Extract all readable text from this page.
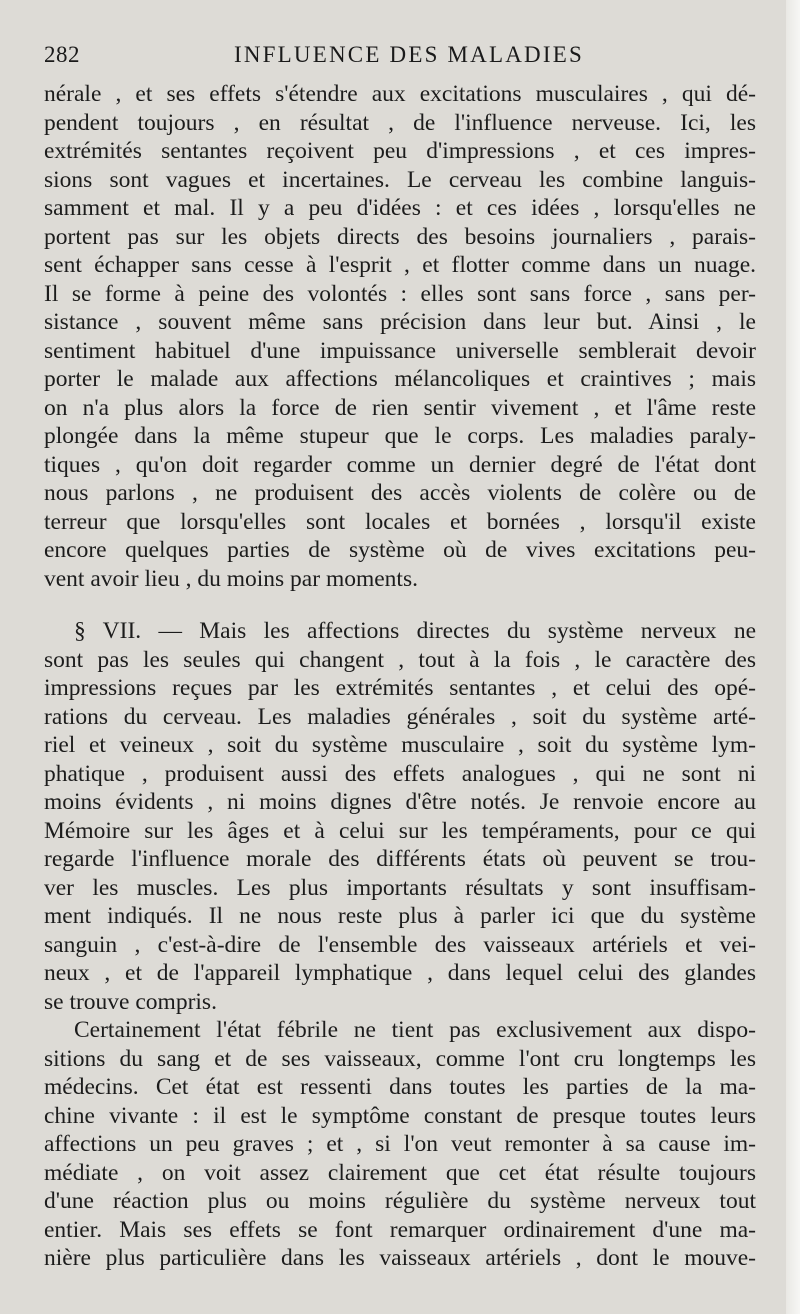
282	INFLUENCE DES MALADIES
nérale , et ses effets s'étendre aux excitations musculaires , qui dé-
pendent toujours , en résultat , de l'influence nerveuse. Ici, les
extrémités sentantes reçoivent peu d'impressions , et ces impres-
sions sont vagues et incertaines. Le cerveau les combine languis-
samment et mal. Il y a peu d'idées : et ces idées , lorsqu'elles ne
portent pas sur les objets directs des besoins journaliers , parais-
sent échapper sans cesse à l'esprit , et flotter comme dans un nuage.
Il se forme à peine des volontés : elles sont sans force , sans per-
sistance , souvent même sans précision dans leur but. Ainsi , le
sentiment habituel d'une impuissance universelle semblerait devoir
porter le malade aux affections mélancoliques et craintives ; mais
on n'a plus alors la force de rien sentir vivement , et l'âme reste
plongée dans la même stupeur que le corps. Les maladies paraly-
tiques , qu'on doit regarder comme un dernier degré de l'état dont
nous parlons , ne produisent des accès violents de colère ou de
terreur que lorsqu'elles sont locales et bornées , lorsqu'il existe
encore quelques parties de système où de vives excitations peu-
vent avoir lieu , du moins par moments.
§ VII. — Mais les affections directes du système nerveux ne
sont pas les seules qui changent , tout à la fois , le caractère des
impressions reçues par les extrémités sentantes , et celui des opé-
rations du cerveau. Les maladies générales , soit du système arté-
riel et veineux , soit du système musculaire , soit du système lym-
phatique , produisent aussi des effets analogues , qui ne sont ni
moins évidents , ni moins dignes d'être notés. Je renvoie encore au
Mémoire sur les âges et à celui sur les tempéraments, pour ce qui
regarde l'influence morale des différents états où peuvent se trou-
ver les muscles. Les plus importants résultats y sont insuffisam-
ment indiqués. Il ne nous reste plus à parler ici que du système
sanguin , c'est-à-dire de l'ensemble des vaisseaux artériels et vei-
neux , et de l'appareil lymphatique , dans lequel celui des glandes
se trouve compris.
Certainement l'état fébrile ne tient pas exclusivement aux dispo-
sitions du sang et de ses vaisseaux, comme l'ont cru longtemps les
médecins. Cet état est ressenti dans toutes les parties de la ma-
chine vivante : il est le symptôme constant de presque toutes leurs
affections un peu graves ; et , si l'on veut remonter à sa cause im-
médiate , on voit assez clairement que cet état résulte toujours
d'une réaction plus ou moins régulière du système nerveux tout
entier. Mais ses effets se font remarquer ordinairement d'une ma-
nière plus particulière dans les vaisseaux artériels , dont le mouve-
